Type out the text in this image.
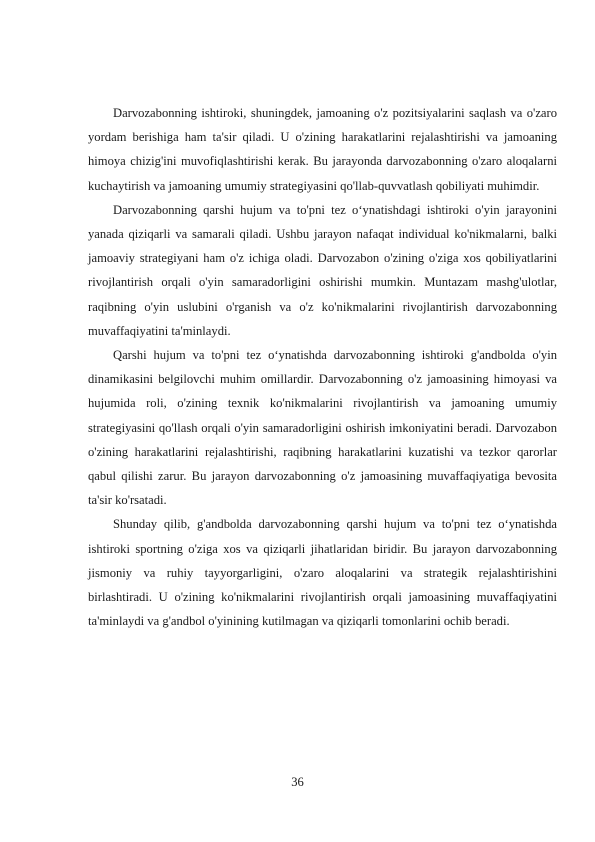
Darvozabonning ishtiroki, shuningdek, jamoaning o'z pozitsiyalarini saqlash va o'zaro yordam berishiga ham ta'sir qiladi. U o'zining harakatlarini rejalashtirishi va jamoaning himoya chizig'ini muvofiqlashtirishi kerak. Bu jarayonda darvozabonning o'zaro aloqalarni kuchaytirish va jamoaning umumiy strategiyasini qo'llab-quvvatlash qobiliyati muhimdir.

Darvozabonning qarshi hujum va to'pni tez o‘ynatishdagi ishtiroki o'yin jarayonini yanada qiziqarli va samarali qiladi. Ushbu jarayon nafaqat individual ko'nikmalarni, balki jamoaviy strategiyani ham o'z ichiga oladi. Darvozabon o'zining o'ziga xos qobiliyatlarini rivojlantirish orqali o'yin samaradorligini oshirishi mumkin. Muntazam mashg'ulotlar, raqibning o'yin uslubini o'rganish va o'z ko'nikmalarini rivojlantirish darvozabonning muvaffaqiyatini ta'minlaydi.

Qarshi hujum va to'pni tez o‘ynatishda darvozabonning ishtiroki g'andbolda o'yin dinamikasini belgilovchi muhim omillardir. Darvozabonning o'z jamoasining himoyasi va hujumida roli, o'zining texnik ko'nikmalarini rivojlantirish va jamoaning umumiy strategiyasini qo'llash orqali o'yin samaradorligini oshirish imkoniyatini beradi. Darvozabon o'zining harakatlarini rejalashtirishi, raqibning harakatlarini kuzatishi va tezkor qarorlar qabul qilishi zarur. Bu jarayon darvozabonning o'z jamoasining muvaffaqiyatiga bevosita ta'sir ko'rsatadi.

Shunday qilib, g'andbolda darvozabonning qarshi hujum va to'pni tez o‘ynatishda ishtiroki sportning o'ziga xos va qiziqarli jihatlaridan biridir. Bu jarayon darvozabonning jismoniy va ruhiy tayyorgarligini, o'zaro aloqalarini va strategik rejalashtirishini birlashtiradi. U o'zining ko'nikmalarini rivojlantirish orqali jamoasining muvaffaqiyatini ta'minlaydi va g'andbol o'yinining kutilmagan va qiziqarli tomonlarini ochib beradi.

36
